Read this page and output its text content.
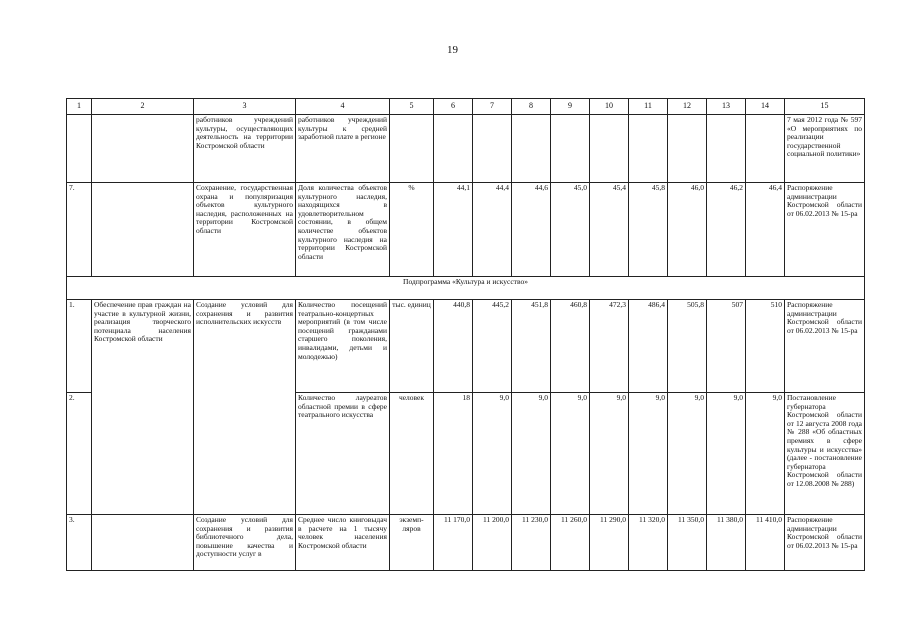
19
1	2	3	4	5	6	7	8	9	10	11	12	13	14	15
		работников учреждений культуры, осуществляющих деятельность на территории Костромской области	работников учреждений культуры к средней заработной плате в регионе											7 мая 2012 года № 597 «О мероприятиях по реализации государственной социальной политики»
7.		Сохранение, государственная охрана и популяризация объектов культурного наследия, расположенных на территории Костромской области	Доля количества объектов культурного наследия, находящихся в удовлетворительном состоянии, в общем количестве объектов культурного наследия на территории Костромской области	%	44,1	44,4	44,6	45,0	45,4	45,8	46,0	46,2	46,4	Распоряжение администрации Костромской области от 06.02.2013 № 15-ра
Подпрограмма «Культура и искусство»														
1.	Обеспечение прав граждан на участие в культурной жизни, реализация творческого потенциала населения Костромской области	Создание условий для сохранения и развития исполнительских искусств	Количество посещений театрально-концертных мероприятий (в том числе посещений гражданами старшего поколения, инвалидами, детьми и молодежью)	тыс. единиц	440,8	445,2	451,8	460,8	472,3	486,4	505,8	507	510	Распоряжение администрации Костромской области от 06.02.2013 № 15-ра
2.			Количество лауреатов областной премии в сфере театрального искусства	человек	18	9,0	9,0	9,0	9,0	9,0	9,0	9,0	9,0	Постановление губернатора Костромской области от 12 августа 2008 года № 288 «Об областных премиях в сфере культуры и искусства» (далее - постановление губернатора Костромской области от 12.08.2008 № 288)
3.		Создание условий для сохранения и развития библиотечного дела, повышение качества и доступности услуг в	Среднее число книговыдач в расчете на 1 тысячу человек населения Костромской области	экземп-ляров	11 170,0	11 200,0	11 230,0	11 260,0	11 290,0	11 320,0	11 350,0	11 380,0	11 410,0	Распоряжение администрации Костромской области от 06.02.2013 № 15-ра
